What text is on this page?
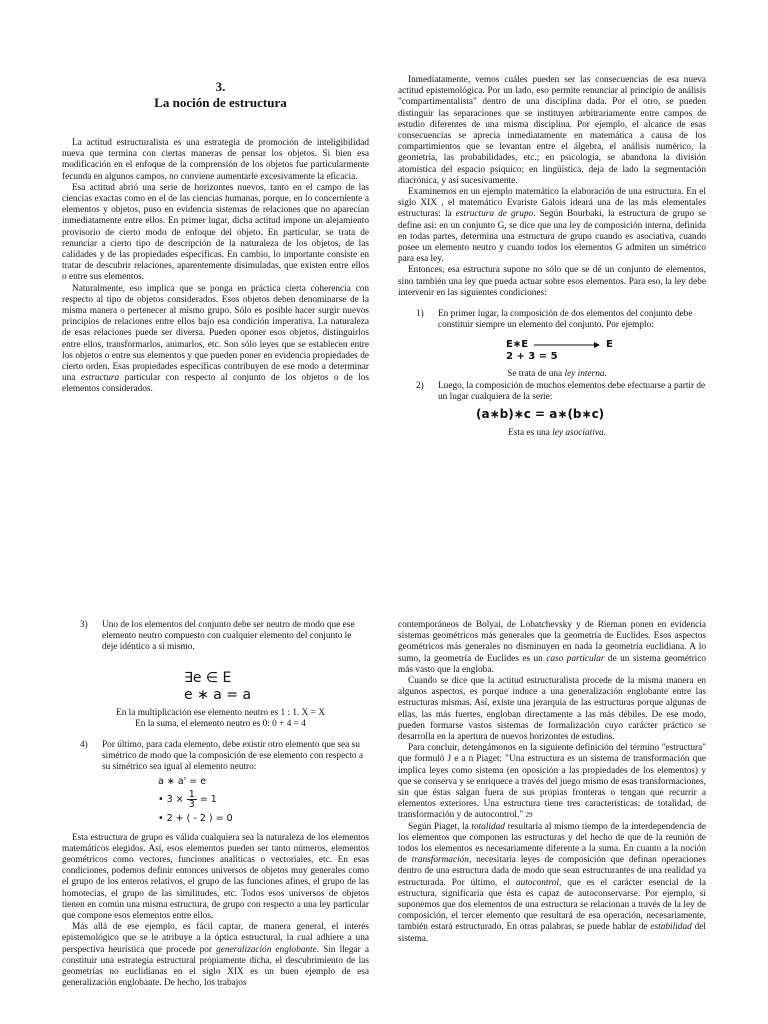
3.
La noción de estructura

La actitud estructuralista es una estrategia de promoción de inteligibilidad nueva que termina con ciertas maneras de pensar los objetos. Si bien esa modificación en el enfoque de la comprensión de los objetos fue particularmente fecunda en algunos campos, no conviene aumentarle excesivamente la eficacia.

Esa actitud abrió una serie de horizontes nuevos, tanto en el campo de las ciencias exactas como en el de las ciencias humanas, porque, en lo concerniente a elementos y objetos, puso en evidencia sistemas de relaciones que no aparecían inmediatamente entre ellos. En primer lugar, dicha actitud impone un alejamiento provisorio de cierto modo de enfoque del objeto. En particular, se trata de renunciar a cierto tipo de descripción de la naturaleza de los objetos, de las calidades y de las propiedades específicas. En cambio, lo importante consiste en tratar de descubrir relaciones, aparentemente disimuladas, que existen entre ellos o entre sus elementos.

Naturalmente, eso implica que se ponga en práctica cierta coherencia con respecto al tipo de objetos considerados. Esos objetos deben denominarse de la misma manera o pertenecer al mismo grupo. Sólo es posible hacer surgir nuevos principios de relaciones entre ellos bajo esa condición imperativa. La naturaleza de esas relaciones puede ser diversa. Pueden oponer esos objetos, distinguirlos entre ellos, transformarlos, animarlos, etc. Son sólo leyes que se establecen entre los objetos o entre sus elementos y que pueden poner en evidencia propiedades de cierto orden. Esas propiedades específicas contribuyen de ese modo a determinar una estructura particular con respecto al conjunto de los objetos o de los elementos considerados.

Inmediatamente, vemos cuáles pueden ser las consecuencias de esa nueva actitud epistemológica. Por un lado, eso permite renunciar al principio de análisis "compartimentalista" dentro de una disciplina dada. Por el otro, se pueden distinguir las separaciones que se instituyen arbitrariamente entre campos de estudio diferentes de una misma disciplina. Por ejemplo, el alcance de esas consecuencias se aprecia inmediatamente en matemática a causa de los compartimientos que se levantan entre el álgebra, el análisis numérico, la geometría, las probabilidades, etc.; en psicología, se abandona la división atomística del espacio psíquico; en lingüística, deja de lado la segmentación diacrónica, y así sucesivamente.

Examinemos en un ejemplo matemático la elaboración de una estructura. En el siglo XIX , el matemático Evariste Galois ideará una de las más elementales estructuras: la estructura de grupo. Según Bourbaki, la estructura de grupo se define así: en un conjunto G, se dice que una ley de composición interna, definida en todas partes, determina una estructura de grupo cuando es asociativa, cuando posee un elemento neutro y cuando todos los elementos G admiten un simétrico para esa ley.

Entonces, esa estructura supone no sólo que se dé un conjunto de elementos, sino también una ley que pueda actuar sobre esos elementos. Para eso, la ley debe intervenir en las siguientes condiciones:

1)	En primer lugar, la composición de dos elementos del conjunto debe constituir siempre un elemento del conjunto. Por ejemplo:
E∗E	E
2 + 3 = 5

Se trata de una ley interna.

2)	Luego, la composición de muchos elementos debe efectuarse a partir de un lugar cualquiera de la serie:
(a∗b)∗c = a∗(b∗c)

Esta es una ley asociativa.

3)	Uno de los elementos del conjunto debe ser neutro de modo que ese elemento neutro compuesto con cualquier elemento del conjunto le deje idéntico a sí mismo.
∃e ∈ E
e ∗ a = a

En la multiplicación ese elemento neutro es 1 : 1. X = X

En la suma, el elemento neutro es 0: 0 + 4 = 4

4)	Por último, para cada elemento, debe existir otro elemento que sea su simétrico de modo que la composición de ese elemento con respecto a su simétrico sea igual al elemento neutro:
a ∗ a' = e
• $3 \times \frac{1}{3} = 1$
• 2 + ( - 2 ) = 0

Esta estructura de grupo es válida cualquiera sea la naturaleza de los elementos matemáticos elegidos. Así, esos elementos pueden ser tanto números, elementos geométricos como vectores, funciones analíticas o vectoriales, etc. En esas condiciones, podemos definir entonces universos de objetos muy generales como el grupo de los enteros relativos, el grupo de las funciones afines, el grupo de las homotecias, el grupo de las similitudes, etc. Todos esos universos de objetos tienen en común una misma estructura, de grupo con respecto a una ley particular que compone esos elementos entre ellos.

Más allá de ese ejemplo, es fácil captar, de manera general, el interés epistemológico que se le atribuye a la óptica estructural, la cual adhiere a una perspectiva heurística que procede por generalización englobante. Sin llegar a constituir una estrategia estructural propiamente dicha, el descubrimiento de las geometrías no euclidianas en el siglo XIX es un buen ejemplo de esa generalización englobante. De hecho, los trabajos

contemporáneos de Bolyai, de Lobatchevsky y de Rieman ponen en evidencia sistemas geométricos más generales que la geometría de Euclides. Esos aspectos geométricos más generales no disminuyen en nada la geometría euclidiana. A lo sumo, la geometría de Euclides es un caso particular de un sistema geométrico más vasto que la engloba.

Cuando se dice que la actitud estructuralista procede de la misma manera en algunos aspectos, es porque induce a una generalización englobante entre las estructuras mismas. Así, existe una jerarquía de las estructuras porque algunas de ellas, las más fuertes, engloban directamente a las más débiles. De ese modo, pueden formarse vastos sistemas de formalización cuyo carácter práctico se desarrolla en la apertura de nuevos horizontes de estudios.

Para concluir, detengámonos en la siguiente definición del término "estructura" que formuló J e a n Piaget: "Una estructura es un sistema de transformación que implica leyes como sistema (en oposición a las propiedades de los elementos) y que se conserva y se enriquece a través del juego mismo de esas transformaciones, sin que éstas salgan fuera de sus propias fronteras o tengan que recurrir a elementos exteriores. Una estructura tiene tres características: de totalidad, de transformación y de autocontrol." 29

Según Piaget, la totalidad resultaría al mismo tiempo de la interdependencia de los elementos que componen las estructuras y del hecho de que de la reunión de todos los elementos es necesariamente diferente a la suma. En cuanto a la noción de transformación, necesitaría leyes de composición que definan operaciones dentro de una estructura dada de modo que sean estructurantes de una realidad ya estructurada. Por último, el autocontrol, que es el carácter esencial de la estructura, significaría que ésta es capaz de autoconservarse. Por ejemplo, si suponemos que dos elementos de una estructura se relacionan a través de la ley de composición, el tercer elemento que resultará de esa operación, necesariamente, también estará estructurado. En otras palabras, se puede hablar de estabilidad del sistema.
